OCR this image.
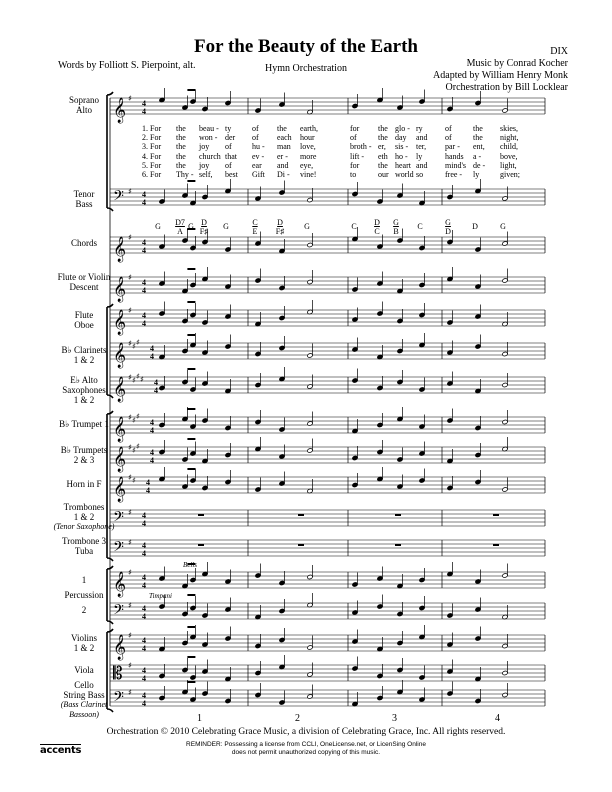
𝄞 ♯
4
4
𝄢 ♯ 4
4
𝄞 ♯
4
4
𝄞 ♯
4
4
𝄞 ♯
4
4
𝄞 ♯ ♯ ♯
4
4
𝄞 ♯ ♯ ♯ ♯ 4
4
𝄞 ♯ ♯ ♯
4
4
𝄞 ♯ ♯ ♯
4
4
𝄞 ♯ ♯ 4
4
𝄢 ♯ 4
4
𝄢 ♯ 4
4
𝄞 ♯
4
4
𝄢 ♯ 4
4
𝄞 ♯
4
4
𝄡 ♯
4
4
𝄢 ♯ 4
4
For the Beauty of the Earth
Words by Folliott S. Pierpoint, alt.	Hymn Orchestration
DIX
Music by Conrad Kocher
Adapted by William Henry Monk
Orchestration by Bill Locklear
Soprano
Alto
Tenor
Bass
Chords
Flute or Violin
Descent
Flute
Oboe
B♭ Clarinets
1 & 2
E♭ Alto
Saxophones
1 & 2
B♭ Trumpet 1
B♭ Trumpets
2 & 3
Horn in F
Trombones
1 & 2
(Tenor Saxophone)
Trombone 3
Tuba
1
Percussion
2
Violins
1 & 2
Viola
Cello
String Bass
(Bass Clarinet
Bassoon)
G D7
A
G D
F♯
G	C
E
D
F♯
G	C D
C
G
B
C	G
D
D	G
1. For the beau - ty	of the earth,	for the glo - ry	of	the skies,
2. For the won - der of each hour	of	the day and of	the night,
3. For the joy of	hu - man love,	broth - er, sis - ter, par - ent, child,
4. For the church that ev - er - more	lift - eth ho - ly	hands a - bove,
5. For the joy of	ear and eye,	for the heart and mind's de - light,
6. For Thy - self, best Gift Di - vine!	to	our world so	free - ly	given;
Bells
Timpani
1	2	3	4
Orchestration © 2010 Celebrating Grace Music, a division of Celebrating Grace, Inc. All rights reserved.
REMINDER: Possessing a license from CCLI, OneLicense.net, or LicenSing Online
does not permit unauthorized copying of this music.
accents
